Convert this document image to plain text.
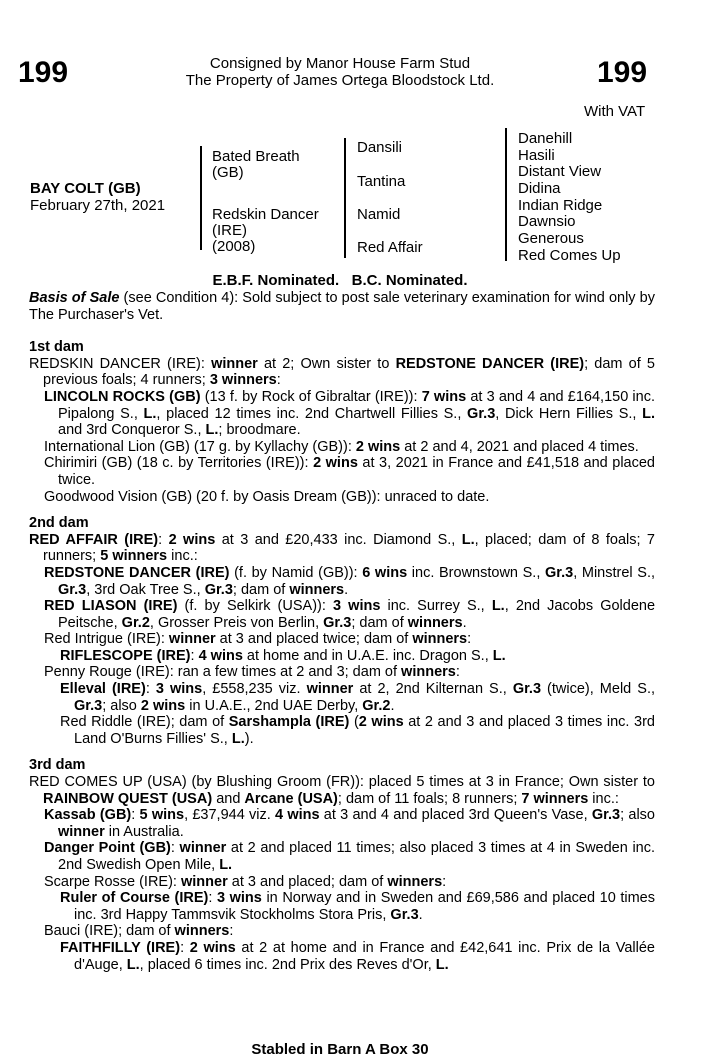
199	199
Consigned by Manor House Farm Stud
The Property of James Ortega Bloodstock Ltd.
With VAT
BAY COLT (GB)
February 27th, 2021
Bated Breath
(GB)
Redskin Dancer
(IRE)
(2008)
Dansili
Tantina
Namid
Red Affair
Danehill
Hasili
Distant View
Didina
Indian Ridge
Dawnsio
Generous
Red Comes Up
E.B.F. Nominated.   B.C. Nominated.

Basis of Sale (see Condition 4): Sold subject to post sale veterinary examination for wind only by The Purchaser's Vet.

1st dam

REDSKIN DANCER (IRE): winner at 2; Own sister to REDSTONE DANCER (IRE); dam of 5 previous foals; 4 runners; 3 winners:

LINCOLN ROCKS (GB) (13 f. by Rock of Gibraltar (IRE)): 7 wins at 3 and 4 and £164,150 inc. Pipalong S., L., placed 12 times inc. 2nd Chartwell Fillies S., Gr.3, Dick Hern Fillies S., L. and 3rd Conqueror S., L.; broodmare.

International Lion (GB) (17 g. by Kyllachy (GB)): 2 wins at 2 and 4, 2021 and placed 4 times.

Chirimiri (GB) (18 c. by Territories (IRE)): 2 wins at 3, 2021 in France and £41,518 and placed twice.

Goodwood Vision (GB) (20 f. by Oasis Dream (GB)): unraced to date.

2nd dam

RED AFFAIR (IRE): 2 wins at 3 and £20,433 inc. Diamond S., L., placed; dam of 8 foals; 7 runners; 5 winners inc.:

REDSTONE DANCER (IRE) (f. by Namid (GB)): 6 wins inc. Brownstown S., Gr.3, Minstrel S., Gr.3, 3rd Oak Tree S., Gr.3; dam of winners.

RED LIASON (IRE) (f. by Selkirk (USA)): 3 wins inc. Surrey S., L., 2nd Jacobs Goldene Peitsche, Gr.2, Grosser Preis von Berlin, Gr.3; dam of winners.

Red Intrigue (IRE): winner at 3 and placed twice; dam of winners:

RIFLESCOPE (IRE): 4 wins at home and in U.A.E. inc. Dragon S., L.

Penny Rouge (IRE): ran a few times at 2 and 3; dam of winners:

Elleval (IRE): 3 wins, £558,235 viz. winner at 2, 2nd Kilternan S., Gr.3 (twice), Meld S., Gr.3; also 2 wins in U.A.E., 2nd UAE Derby, Gr.2.

Red Riddle (IRE); dam of Sarshampla (IRE) (2 wins at 2 and 3 and placed 3 times inc. 3rd Land O'Burns Fillies' S., L.).

3rd dam

RED COMES UP (USA) (by Blushing Groom (FR)): placed 5 times at 3 in France; Own sister to RAINBOW QUEST (USA) and Arcane (USA); dam of 11 foals; 8 runners; 7 winners inc.:

Kassab (GB): 5 wins, £37,944 viz. 4 wins at 3 and 4 and placed 3rd Queen's Vase, Gr.3; also winner in Australia.

Danger Point (GB): winner at 2 and placed 11 times; also placed 3 times at 4 in Sweden inc. 2nd Swedish Open Mile, L.

Scarpe Rosse (IRE): winner at 3 and placed; dam of winners:

Ruler of Course (IRE): 3 wins in Norway and in Sweden and £69,586 and placed 10 times inc. 3rd Happy Tammsvik Stockholms Stora Pris, Gr.3.

Bauci (IRE); dam of winners:

FAITHFILLY (IRE): 2 wins at 2 at home and in France and £42,641 inc. Prix de la Vallée d'Auge, L., placed 6 times inc. 2nd Prix des Reves d'Or, L.

Stabled in Barn A Box 30
